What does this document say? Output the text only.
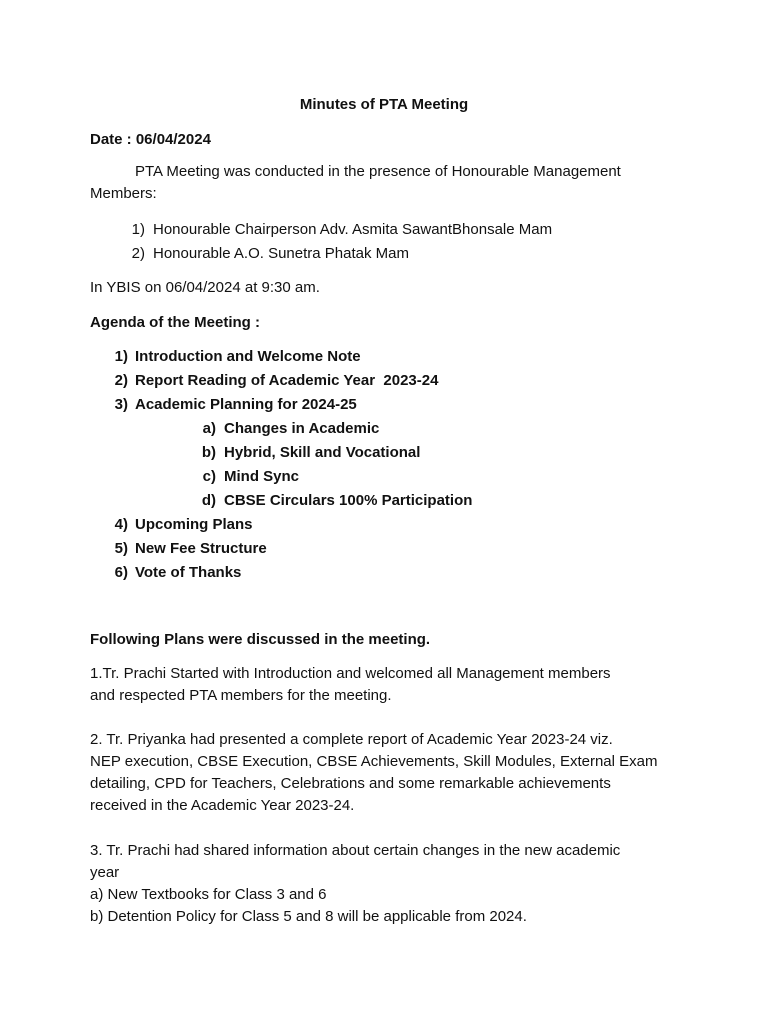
Minutes of PTA Meeting
Date : 06/04/2024
PTA Meeting was conducted in the presence of Honourable Management
Members:
1) Honourable Chairperson Adv. Asmita SawantBhonsale Mam
2) Honourable A.O. Sunetra Phatak Mam
In YBIS on 06/04/2024 at 9:30 am.
Agenda of the Meeting :
1) Introduction and Welcome Note
2) Report Reading of Academic Year  2023-24
3) Academic Planning for 2024-25
a) Changes in Academic
b) Hybrid, Skill and Vocational
c) Mind Sync
d) CBSE Circulars 100% Participation
4) Upcoming Plans
5) New Fee Structure
6) Vote of Thanks
Following Plans were discussed in the meeting.
1.Tr. Prachi Started with Introduction and welcomed all Management members
and respected PTA members for the meeting.
2. Tr. Priyanka had presented a complete report of Academic Year 2023-24 viz.
NEP execution, CBSE Execution, CBSE Achievements, Skill Modules, External Exam
detailing, CPD for Teachers, Celebrations and some remarkable achievements
received in the Academic Year 2023-24.
3. Tr. Prachi had shared information about certain changes in the new academic
year
a) New Textbooks for Class 3 and 6
b) Detention Policy for Class 5 and 8 will be applicable from 2024.
